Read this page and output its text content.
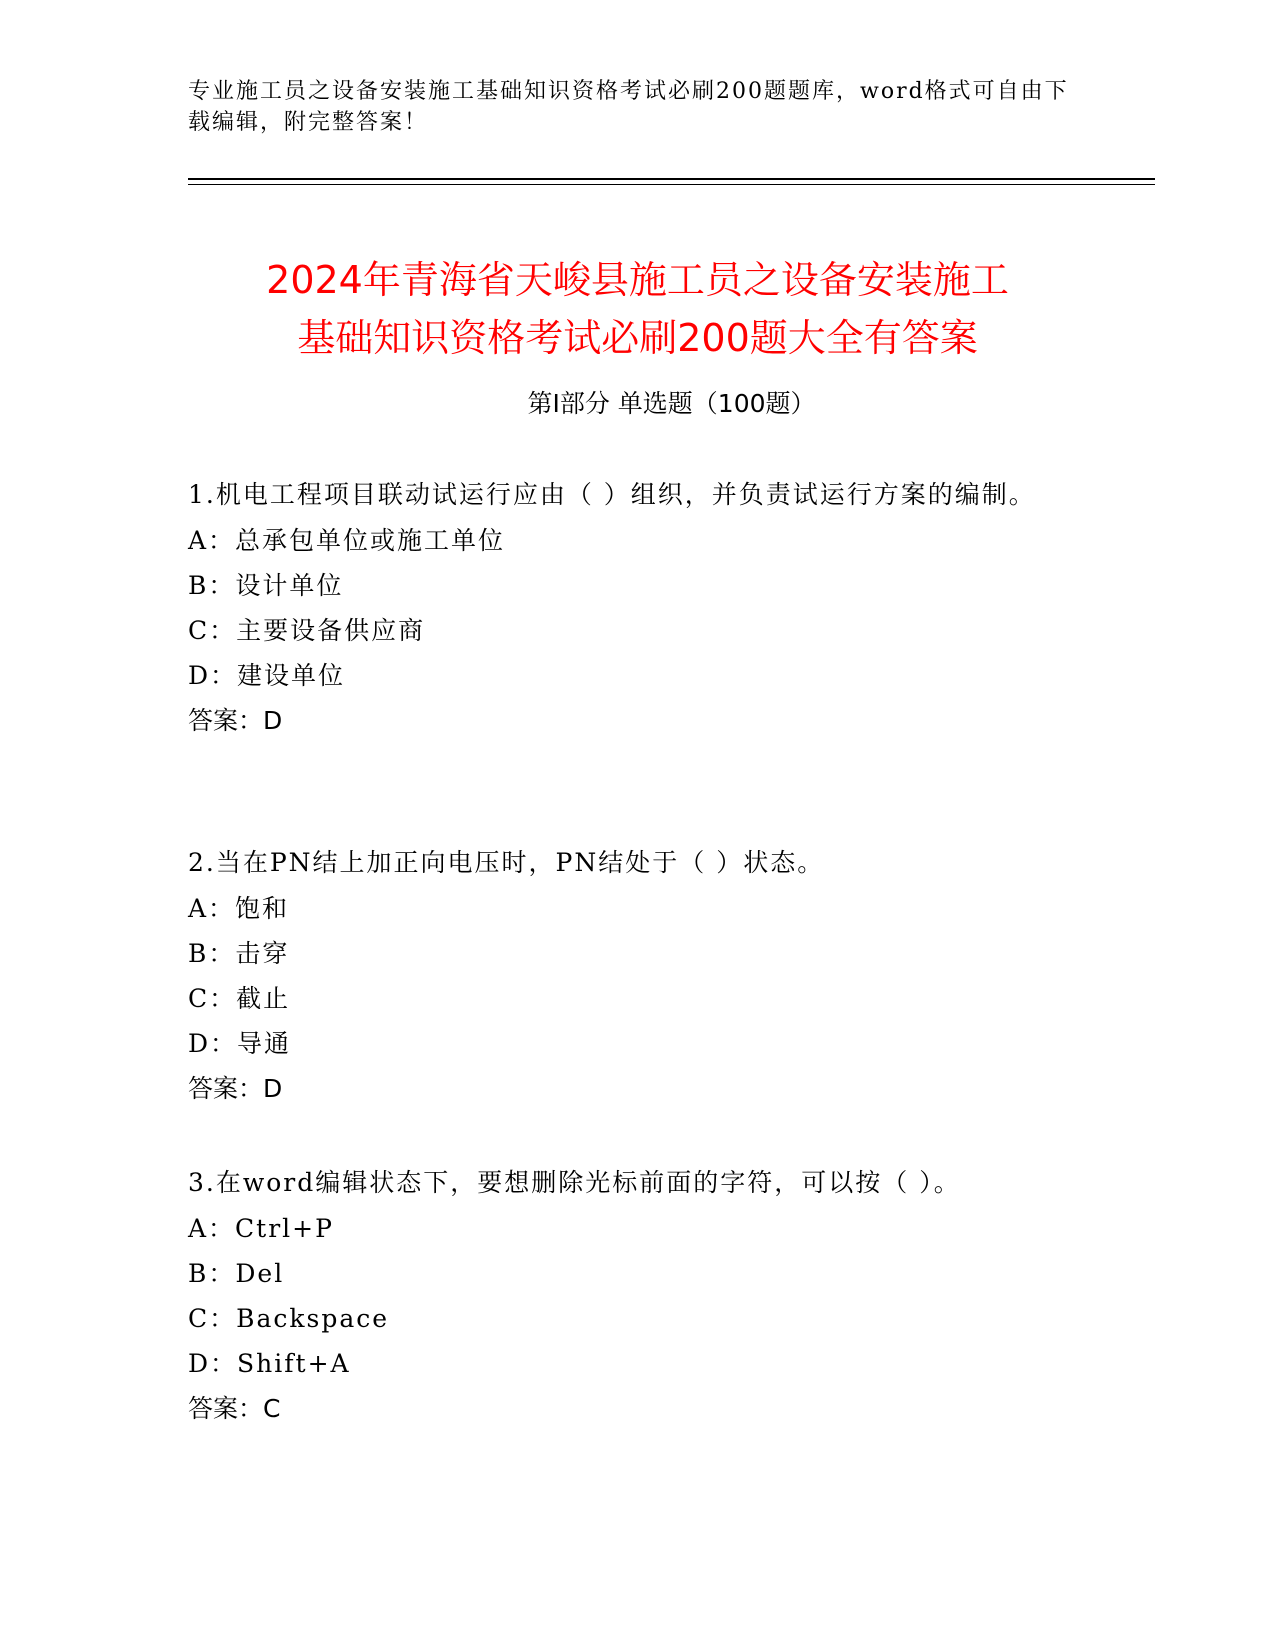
专业施工员之设备安装施工基础知识资格考试必刷200题题库，word格式可自由下载编辑，附完整答案！
2024年青海省天峻县施工员之设备安装施工
基础知识资格考试必刷200题大全有答案
第Ⅰ部分 单选题（100题）

1.机电工程项目联动试运行应由（ ）组织，并负责试运行方案的编制。

A：总承包单位或施工单位

B：设计单位

C：主要设备供应商

D：建设单位

答案：D

2.当在PN结上加正向电压时，PN结处于（ ）状态。

A：饱和

B：击穿

C：截止

D：导通

答案：D

3.在word编辑状态下，要想删除光标前面的字符，可以按（ ）。

A：Ctrl+P

B：Del

C：Backspace

D：Shift+A

答案：C
